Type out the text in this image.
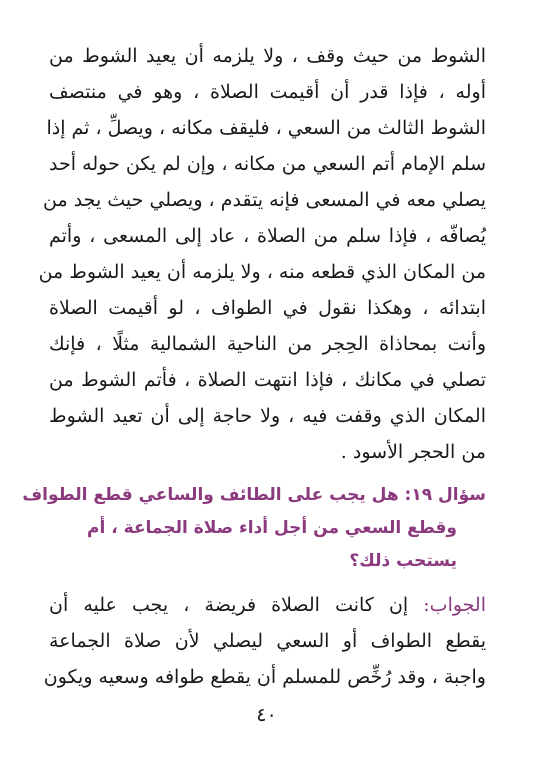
الشوط من حيث وقف ، ولا يلزمه أن يعيد الشوط من
أوله ، فإذا قدر أن أقيمت الصلاة ، وهو في منتصف
الشوط الثالث من السعي ، فليقف مكانه ، ويصلِّ ، ثم إذا
سلم الإمام أتم السعي من مكانه ، وإن لم يكن حوله أحد
يصلي معه في المسعى فإنه يتقدم ، ويصلي حيث يجد من
يُصافّه ، فإذا سلم من الصلاة ، عاد إلى المسعى ، وأتم
من المكان الذي قطعه منه ، ولا يلزمه أن يعيد الشوط من
ابتدائه ، وهكذا نقول في الطواف ، لو أقيمت الصلاة
وأنت بمحاذاة الحِجر من الناحية الشمالية مثلًا ، فإنك
تصلي في مكانك ، فإذا انتهت الصلاة ، فأتم الشوط من
المكان الذي وقفت فيه ، ولا حاجة إلى أن تعيد الشوط
من الحجر الأسود .
سؤال ١٩: هل يجب على الطائف والساعي قطع الطواف
وقطع السعي من أجل أداء صلاة الجماعة ، أم
يستحب ذلك؟
الجواب: إن كانت الصلاة فريضة ، يجب عليه أن
يقطع الطواف أو السعي ليصلي لأن صلاة الجماعة
واجبة ، وقد رُخِّص للمسلم أن يقطع طوافه وسعيه ويكون
٤٠
